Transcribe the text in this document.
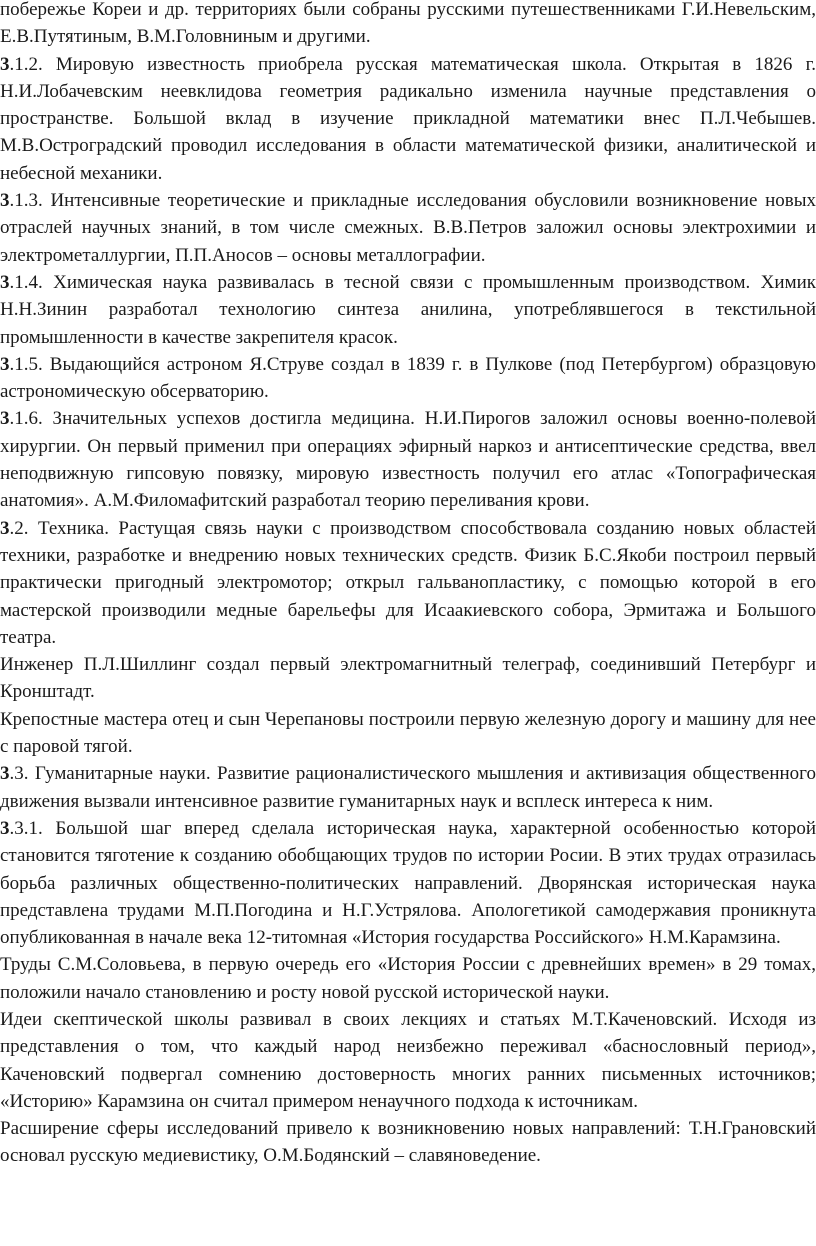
побережье Кореи и др. территориях были собраны русскими путешественниками Г.И.Невельским, Е.В.Путятиным, В.М.Головниным и другими.

3.1.2. Мировую известность приобрела русская математическая школа. Открытая в 1826 г. Н.И.Лобачевским неевклидова геометрия радикально изменила научные представления о пространстве. Большой вклад в изучение прикладной математики внес П.Л.Чебышев. М.В.Остроградский проводил исследования в области математической физики, аналитической и небесной механики.

3.1.3. Интенсивные теоретические и прикладные исследования обусловили возникновение новых отраслей научных знаний, в том числе смежных. В.В.Петров заложил основы электрохимии и электрометаллургии, П.П.Аносов – основы металлографии.

3.1.4. Химическая наука развивалась в тесной связи с промышленным производством. Химик Н.Н.Зинин разработал технологию синтеза анилина, употреблявшегося в текстильной промышленности в качестве закрепителя красок.

3.1.5. Выдающийся астроном Я.Струве создал в 1839 г. в Пулкове (под Петербургом) образцовую астрономическую обсерваторию.

3.1.6. Значительных успехов достигла медицина. Н.И.Пирогов заложил основы военно-полевой хирургии. Он первый применил при операциях эфирный наркоз и антисептические средства, ввел неподвижную гипсовую повязку, мировую известность получил его атлас «Топографическая анатомия». А.М.Филомафитский разработал теорию переливания крови.

3.2. Техника. Растущая связь науки с производством способствовала созданию новых областей техники, разработке и внедрению новых технических средств. Физик Б.С.Якоби построил первый практически пригодный электромотор; открыл гальванопластику, с помощью которой в его мастерской производили медные барельефы для Исаакиевского собора, Эрмитажа и Большого театра.

Инженер П.Л.Шиллинг создал первый электромагнитный телеграф, соединивший Петербург и Кронштадт.

Крепостные мастера отец и сын Черепановы построили первую железную дорогу и машину для нее с паровой тягой.

3.3. Гуманитарные науки. Развитие рационалистического мышления и активизация общественного движения вызвали интенсивное развитие гуманитарных наук и всплеск интереса к ним.

3.3.1. Большой шаг вперед сделала историческая наука, характерной особенностью которой становится тяготение к созданию обобщающих трудов по истории Росии. В этих трудах отразилась борьба различных общественно-политических направлений. Дворянская историческая наука представлена трудами М.П.Погодина и Н.Г.Устрялова. Апологетикой самодержавия проникнута опубликованная в начале века 12-титомная «История государства Российского» Н.М.Карамзина.

Труды С.М.Соловьева, в первую очередь его «История России с древнейших времен» в 29 томах, положили начало становлению и росту новой русской исторической науки.

Идеи скептической школы развивал в своих лекциях и статьях М.Т.Каченовский. Исходя из представления о том, что каждый народ неизбежно переживал «баснословный период», Каченовский подвергал сомнению достоверность многих ранних письменных источников; «Историю» Карамзина он считал примером ненаучного подхода к источникам.

Расширение сферы исследований привело к возникновению новых направлений: Т.Н.Грановский основал русскую медиевистику, О.М.Бодянский – славяноведение.
